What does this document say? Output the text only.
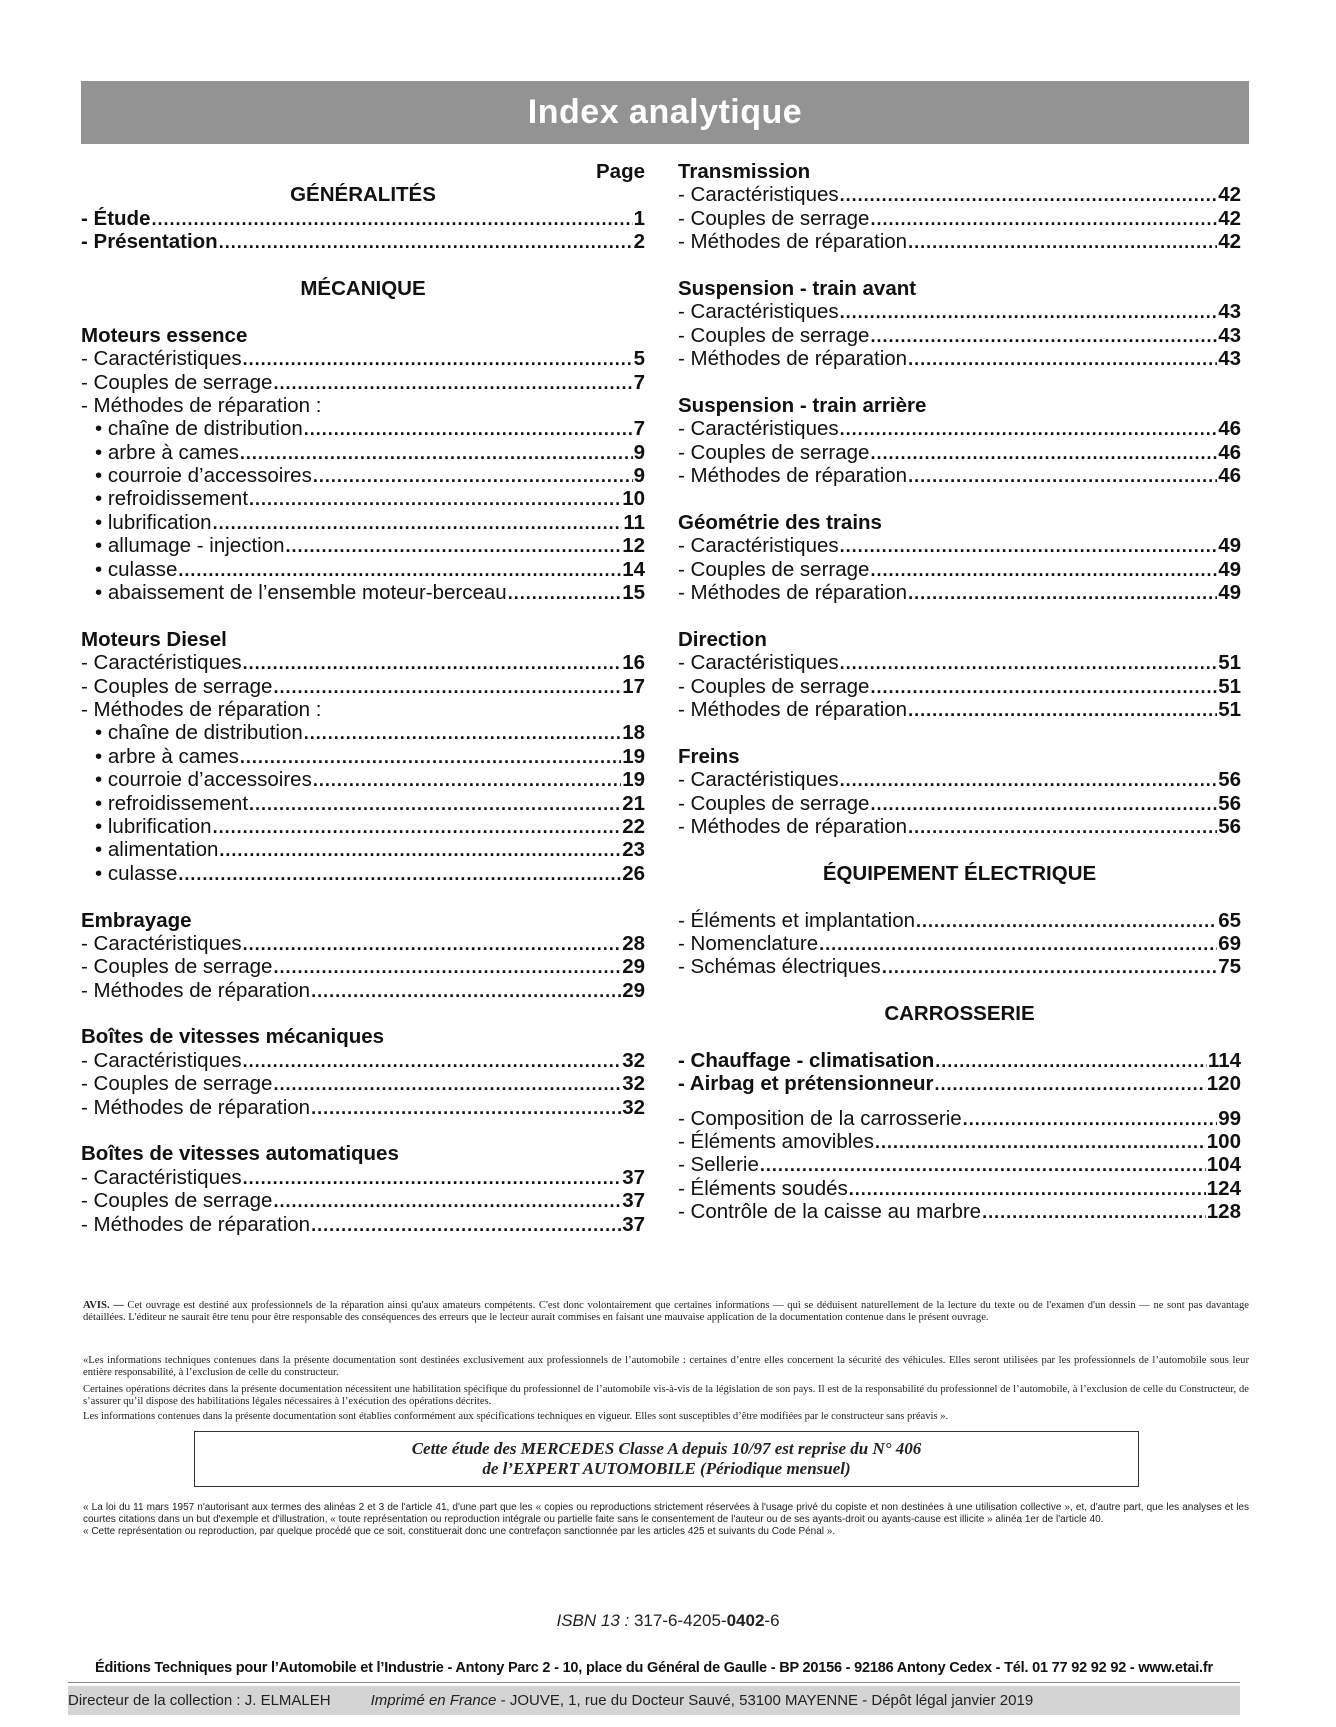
Index analytique
Page
GÉNÉRALITÉS
- Étude .....	1
- Présentation .....	2
MÉCANIQUE
Moteurs essence
- Caractéristiques .....	5
- Couples de serrage .....	7
- Méthodes de réparation :
• chaîne de distribution .....	7
• arbre à cames .....	9
• courroie d’accessoires .....	9
• refroidissement .....	10
• lubrification .....	11
• allumage - injection .....	12
• culasse .....	14
• abaissement de l’ensemble moteur-berceau .....	15
Moteurs Diesel
- Caractéristiques .....	16
- Couples de serrage .....	17
- Méthodes de réparation :
• chaîne de distribution .....	18
• arbre à cames .....	19
• courroie d’accessoires .....	19
• refroidissement .....	21
• lubrification .....	22
• alimentation .....	23
• culasse .....	26
Embrayage
- Caractéristiques .....	28
- Couples de serrage .....	29
- Méthodes de réparation .....	29
Boîtes de vitesses mécaniques
- Caractéristiques .....	32
- Couples de serrage .....	32
- Méthodes de réparation .....	32
Boîtes de vitesses automatiques
- Caractéristiques .....	37
- Couples de serrage .....	37
- Méthodes de réparation .....	37
Transmission
- Caractéristiques .....	42
- Couples de serrage .....	42
- Méthodes de réparation .....	42
Suspension - train avant
- Caractéristiques .....	43
- Couples de serrage .....	43
- Méthodes de réparation .....	43
Suspension - train arrière
- Caractéristiques .....	46
- Couples de serrage .....	46
- Méthodes de réparation .....	46
Géométrie des trains
- Caractéristiques .....	49
- Couples de serrage .....	49
- Méthodes de réparation .....	49
Direction
- Caractéristiques .....	51
- Couples de serrage .....	51
- Méthodes de réparation .....	51
Freins
- Caractéristiques .....	56
- Couples de serrage .....	56
- Méthodes de réparation .....	56
ÉQUIPEMENT ÉLECTRIQUE
- Éléments et implantation .....	65
- Nomenclature .....	69
- Schémas électriques .....	75
CARROSSERIE
- Chauffage - climatisation .....	114
- Airbag et prétensionneur .....	120
- Composition de la carrosserie .....	99
- Éléments amovibles .....	100
- Sellerie .....	104
- Éléments soudés .....	124
- Contrôle de la caisse au marbre .....	128
AVIS. — Cet ouvrage est destiné aux professionnels de la réparation ainsi qu'aux amateurs compétents. C'est donc volontairement que certaines informations — qui se déduisent naturellement de la lecture du texte ou de l'examen d'un dessin — ne sont pas davantage détaillées. L'éditeur ne saurait être tenu pour être responsable des conséquences des erreurs que le lecteur aurait commises en faisant une mauvaise application de la documentation contenue dans le présent ouvrage.
«Les informations techniques contenues dans la présente documentation sont destinées exclusivement aux professionnels de l’automobile : certaines d’entre elles concernent la sécurité des véhicules. Elles seront utilisées par les professionnels de l’automobile sous leur entière responsabilité, à l’exclusion de celle du constructeur.
Certaines opérations décrites dans la présente documentation nécessitent une habilitation spécifique du professionnel de l’automobile vis-à-vis de la législation de son pays. Il est de la responsabilité du professionnel de l’automobile, à l’exclusion de celle du Constructeur, de s’assurer qu’il dispose des habilitations légales nécessaires à l’exécution des opérations décrites.
Les informations contenues dans la présente documentation sont établies conformément aux spécifications techniques en vigueur. Elles sont susceptibles d’être modifiées par le constructeur sans préavis ».
Cette étude des MERCEDES Classe A depuis 10/97 est reprise du N° 406
de l’EXPERT AUTOMOBILE (Périodique mensuel)
« La loi du 11 mars 1957 n'autorisant aux termes des alinéas 2 et 3 de l'article 41, d'une part que les « copies ou reproductions strictement réservées à l'usage privé du copiste et non destinées à une utilisation collective », et, d'autre part, que les analyses et les courtes citations dans un but d'exemple et d'illustration, « toute représentation ou reproduction intégrale ou partielle faite sans le consentement de l'auteur ou de ses ayants-droit ou ayants-cause est illicite » alinéa 1er de l'article 40.
« Cette représentation ou reproduction, par quelque procédé que ce soit, constituerait donc une contrefaçon sanctionnée par les articles 425 et suivants du Code Pénal ».
ISBN 13 : 317-6-4205-0402-6
Éditions Techniques pour l’Automobile et l’Industrie - Antony Parc 2 - 10, place du Général de Gaulle - BP 20156 - 92186 Antony Cedex - Tél. 01 77 92 92 92 - www.etai.fr
Directeur de la collection : J. ELMALEH	Imprimé en France - JOUVE, 1, rue du Docteur Sauvé, 53100 MAYENNE - Dépôt légal janvier 2019
